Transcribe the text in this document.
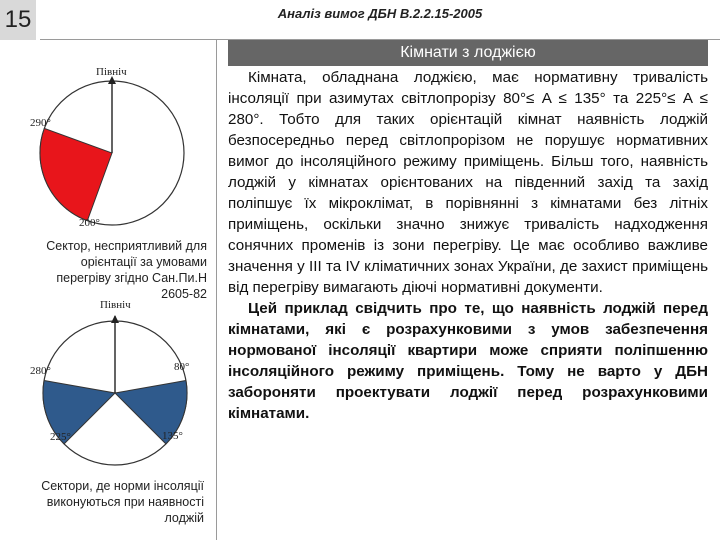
15	Аналіз вимог ДБН В.2.2.15-2005
Кімнати з лоджією

Кімната, обладнана лоджією, має нормативну тривалість інсоляції при азимутах світлопрорізу 80°≤ A ≤ 135° та 225°≤ A ≤ 280°. Тобто для таких орієнтацій кімнат наявність лоджій безпосередньо перед світлопрорізом не порушує нормативних вимог до інсоляційного режиму приміщень. Більш того, наявність лоджій у кімнатах орієнтованих на південний захід та захід поліпшує їх мікроклімат, в порівнянні з кімнатами без літніх приміщень, оскільки значно знижує тривалість надходження сонячних променів із зони перегріву. Це має особливо важливе значення у III та IV кліматичних зонах України, де захист приміщень від перегріву вимагають діючі нормативні документи.

Цей приклад свідчить про те, що наявність лоджій перед кімнатами, які є розрахунковими з умов забезпечення нормованої інсоляції квартири може сприяти поліпшенню інсоляційного режиму приміщень. Тому не варто у ДБН забороняти проектувати лоджії перед розрахунковими кімнатами.

Північ
290°
200°
Північ
280°	80°
225°	135°
Сектор, несприятливий для орієнтації за умовами перегріву згідно Сан.Пи.Н 2605-82
Сектори, де норми інсоляції виконуються при наявності лоджій
